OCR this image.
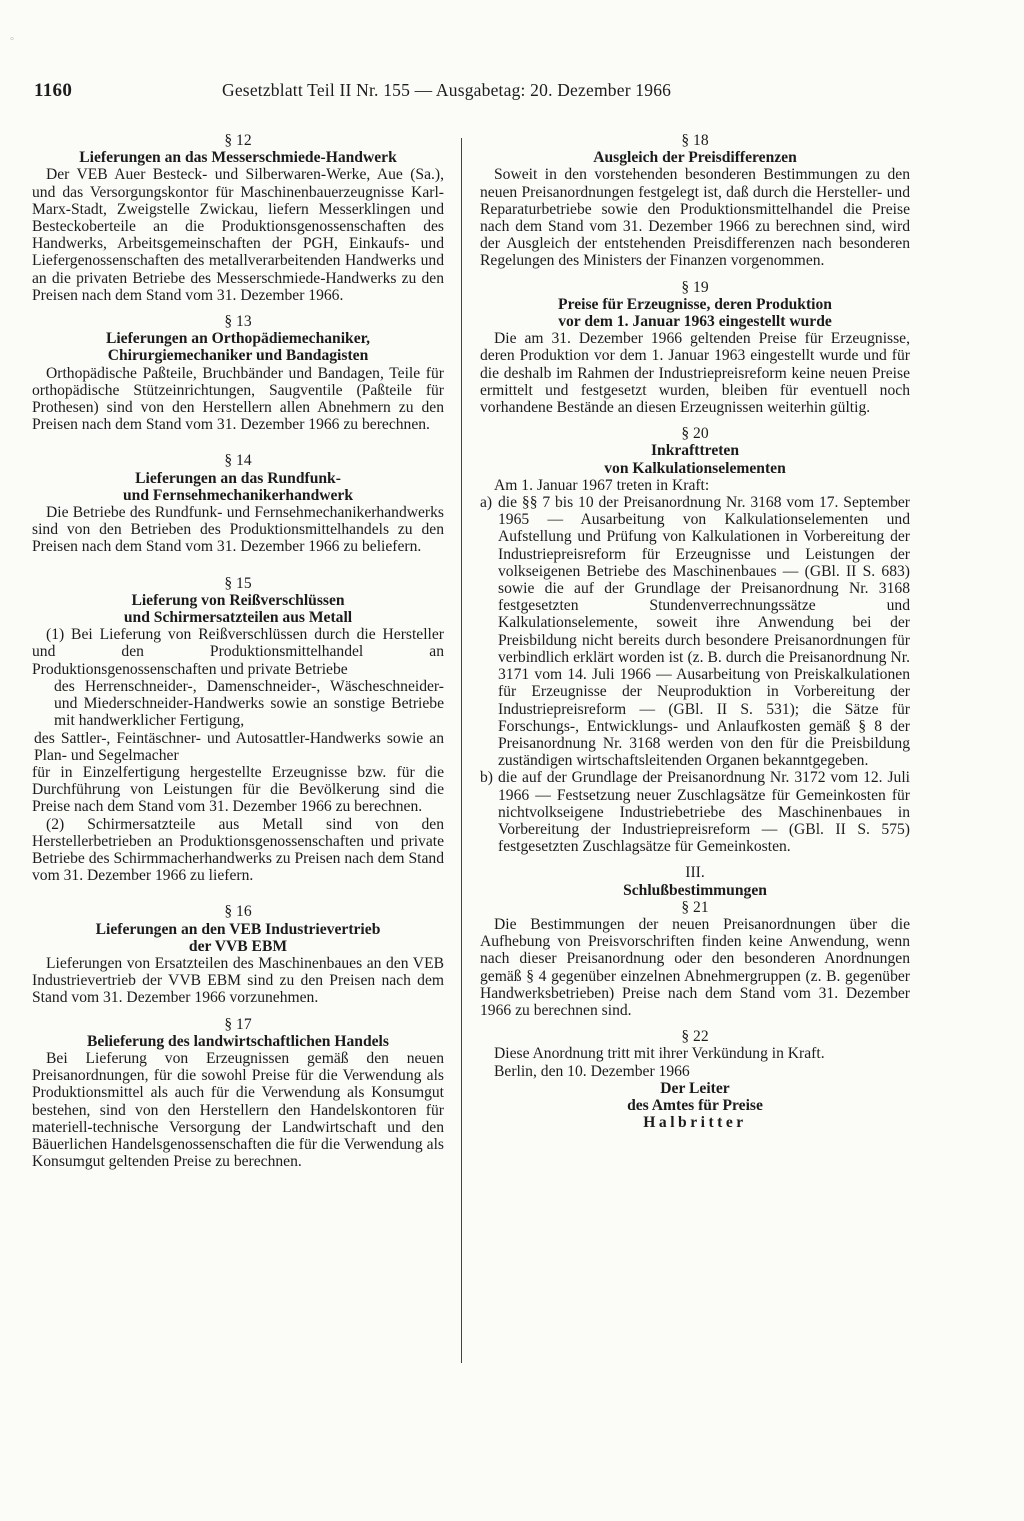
°
1160	Gesetzblatt Teil II Nr. 155 — Ausgabetag: 20. Dezember 1966
§ 12
Lieferungen an das Messerschmiede-Handwerk
Der VEB Auer Besteck- und Silberwaren-Werke, Aue (Sa.), und das Versorgungskontor für Maschinenbauerzeugnisse Karl-Marx-Stadt, Zweigstelle Zwickau, liefern Messerklingen und Besteckoberteile an die Produktionsgenossenschaften des Handwerks, Arbeitsgemeinschaften der PGH, Einkaufs- und Liefergenossenschaften des metallverarbeitenden Handwerks und an die privaten Betriebe des Messerschmiede-Handwerks zu den Preisen nach dem Stand vom 31. Dezember 1966.
§ 13
Lieferungen an Orthopädiemechaniker,
Chirurgiemechaniker und Bandagisten
Orthopädische Paßteile, Bruchbänder und Bandagen, Teile für orthopädische Stützeinrichtungen, Saugventile (Paßteile für Prothesen) sind von den Herstellern allen Abnehmern zu den Preisen nach dem Stand vom 31. Dezember 1966 zu berechnen.
§ 14
Lieferungen an das Rundfunk-
und Fernsehmechanikerhandwerk
Die Betriebe des Rundfunk- und Fernsehmechanikerhandwerks sind von den Betrieben des Produktionsmittelhandels zu den Preisen nach dem Stand vom 31. Dezember 1966 zu beliefern.
§ 15
Lieferung von Reißverschlüssen
und Schirmersatzteilen aus Metall
(1) Bei Lieferung von Reißverschlüssen durch die Hersteller und den Produktionsmittelhandel an Produktionsgenossenschaften und private Betriebe
des Herrenschneider-, Damenschneider-, Wäscheschneider- und Miederschneider-Handwerks sowie an sonstige Betriebe mit handwerklicher Fertigung,
des Sattler-, Feintäschner- und Autosattler-Handwerks sowie an Plan- und Segelmacher
für in Einzelfertigung hergestellte Erzeugnisse bzw. für die Durchführung von Leistungen für die Bevölkerung sind die Preise nach dem Stand vom 31. Dezember 1966 zu berechnen.
(2) Schirmersatzteile aus Metall sind von den Herstellerbetrieben an Produktionsgenossenschaften und private Betriebe des Schirmmacherhandwerks zu Preisen nach dem Stand vom 31. Dezember 1966 zu liefern.
§ 16
Lieferungen an den VEB Industrievertrieb
der VVB EBM
Lieferungen von Ersatzteilen des Maschinenbaues an den VEB Industrievertrieb der VVB EBM sind zu den Preisen nach dem Stand vom 31. Dezember 1966 vorzunehmen.
§ 17
Belieferung des landwirtschaftlichen Handels
Bei Lieferung von Erzeugnissen gemäß den neuen Preisanordnungen, für die sowohl Preise für die Verwendung als Produktionsmittel als auch für die Verwendung als Konsumgut bestehen, sind von den Herstellern den Handelskontoren für materiell-technische Versorgung der Landwirtschaft und den Bäuerlichen Handelsgenossenschaften die für die Verwendung als Konsumgut geltenden Preise zu berechnen.
§ 18
Ausgleich der Preisdifferenzen
Soweit in den vorstehenden besonderen Bestimmungen zu den neuen Preisanordnungen festgelegt ist, daß durch die Hersteller- und Reparaturbetriebe sowie den Produktionsmittelhandel die Preise nach dem Stand vom 31. Dezember 1966 zu berechnen sind, wird der Ausgleich der entstehenden Preisdifferenzen nach besonderen Regelungen des Ministers der Finanzen vorgenommen.
§ 19
Preise für Erzeugnisse, deren Produktion
vor dem 1. Januar 1963 eingestellt wurde
Die am 31. Dezember 1966 geltenden Preise für Erzeugnisse, deren Produktion vor dem 1. Januar 1963 eingestellt wurde und für die deshalb im Rahmen der Industriepreisreform keine neuen Preise ermittelt und festgesetzt wurden, bleiben für eventuell noch vorhandene Bestände an diesen Erzeugnissen weiterhin gültig.
§ 20
Inkrafttreten
von Kalkulationselementen
Am 1. Januar 1967 treten in Kraft:
a) die §§ 7 bis 10 der Preisanordnung Nr. 3168 vom 17. September 1965 — Ausarbeitung von Kalkulationselementen und Aufstellung und Prüfung von Kalkulationen in Vorbereitung der Industriepreisreform für Erzeugnisse und Leistungen der volkseigenen Betriebe des Maschinenbaues — (GBl. II S. 683) sowie die auf der Grundlage der Preisanordnung Nr. 3168 festgesetzten Stundenverrechnungssätze und Kalkulationselemente, soweit ihre Anwendung bei der Preisbildung nicht bereits durch besondere Preisanordnungen für verbindlich erklärt worden ist (z. B. durch die Preisanordnung Nr. 3171 vom 14. Juli 1966 — Ausarbeitung von Preiskalkulationen für Erzeugnisse der Neuproduktion in Vorbereitung der Industriepreisreform — (GBl. II S. 531); die Sätze für Forschungs-, Entwicklungs- und Anlaufkosten gemäß § 8 der Preisanordnung Nr. 3168 werden von den für die Preisbildung zuständigen wirtschaftsleitenden Organen bekanntgegeben.
b) die auf der Grundlage der Preisanordnung Nr. 3172 vom 12. Juli 1966 — Festsetzung neuer Zuschlagsätze für Gemeinkosten für nichtvolkseigene Industriebetriebe des Maschinenbaues in Vorbereitung der Industriepreisreform — (GBl. II S. 575) festgesetzten Zuschlagsätze für Gemeinkosten.
III.
Schlußbestimmungen
§ 21
Die Bestimmungen der neuen Preisanordnungen über die Aufhebung von Preisvorschriften finden keine Anwendung, wenn nach dieser Preisanordnung oder den besonderen Anordnungen gemäß § 4 gegenüber einzelnen Abnehmergruppen (z. B. gegenüber Handwerksbetrieben) Preise nach dem Stand vom 31. Dezember 1966 zu berechnen sind.
§ 22
Diese Anordnung tritt mit ihrer Verkündung in Kraft.
Berlin, den 10. Dezember 1966
Der Leiter
des Amtes für Preise
Halbritter
